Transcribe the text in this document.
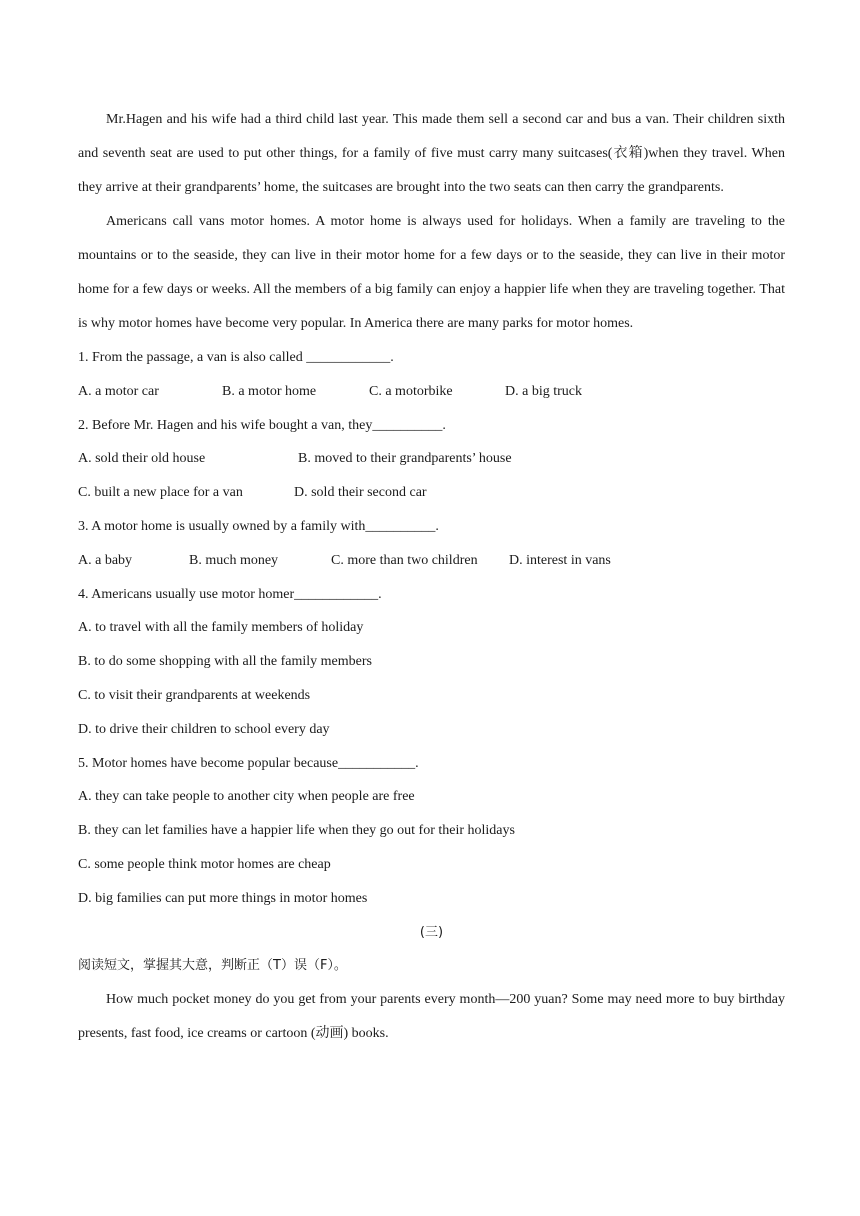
Mr.Hagen and his wife had a third child last year. This made them sell a second car and bus a van. Their children sixth and seventh seat are used to put other things, for a family of five must carry many suitcases(衣箱)when they travel. When they arrive at their grandparents’ home, the suitcases are brought into the two seats can then carry the grandparents.

Americans call vans motor homes. A motor home is always used for holidays. When a family are traveling to the mountains or to the seaside, they can live in their motor home for a few days or to the seaside, they can live in their motor home for a few days or weeks. All the members of a big family can enjoy a happier life when they are traveling together. That is why motor homes have become very popular. In America there are many parks for motor homes.

1. From the passage, a van is also called ____________.

A. a motor car	B. a motor home	C. a motorbike	D. a big truck

2. Before Mr. Hagen and his wife bought a van, they__________.

A. sold their old house	B. moved to their grandparents’ house
C. built a new place for a van	D. sold their second car

3. A motor home is usually owned by a family with__________.

A. a baby	B. much money	C. more than two children D. interest in vans

4. Americans usually use motor homer____________.

A. to travel with all the family members of holiday

B. to do some shopping with all the family members

C. to visit their grandparents at weekends

D. to drive their children to school every day

5. Motor homes have become popular because___________.

A. they can take people to another city when people are free

B. they can let families have a happier life when they go out for their holidays

C. some people think motor homes are cheap

D. big families can put more things in motor homes

(三)

阅读短文，掌握其大意，判断正（T）误（F）。

How much pocket money do you get from your parents every month—200 yuan? Some may need more to buy birthday presents, fast food, ice creams or cartoon (动画) books.
